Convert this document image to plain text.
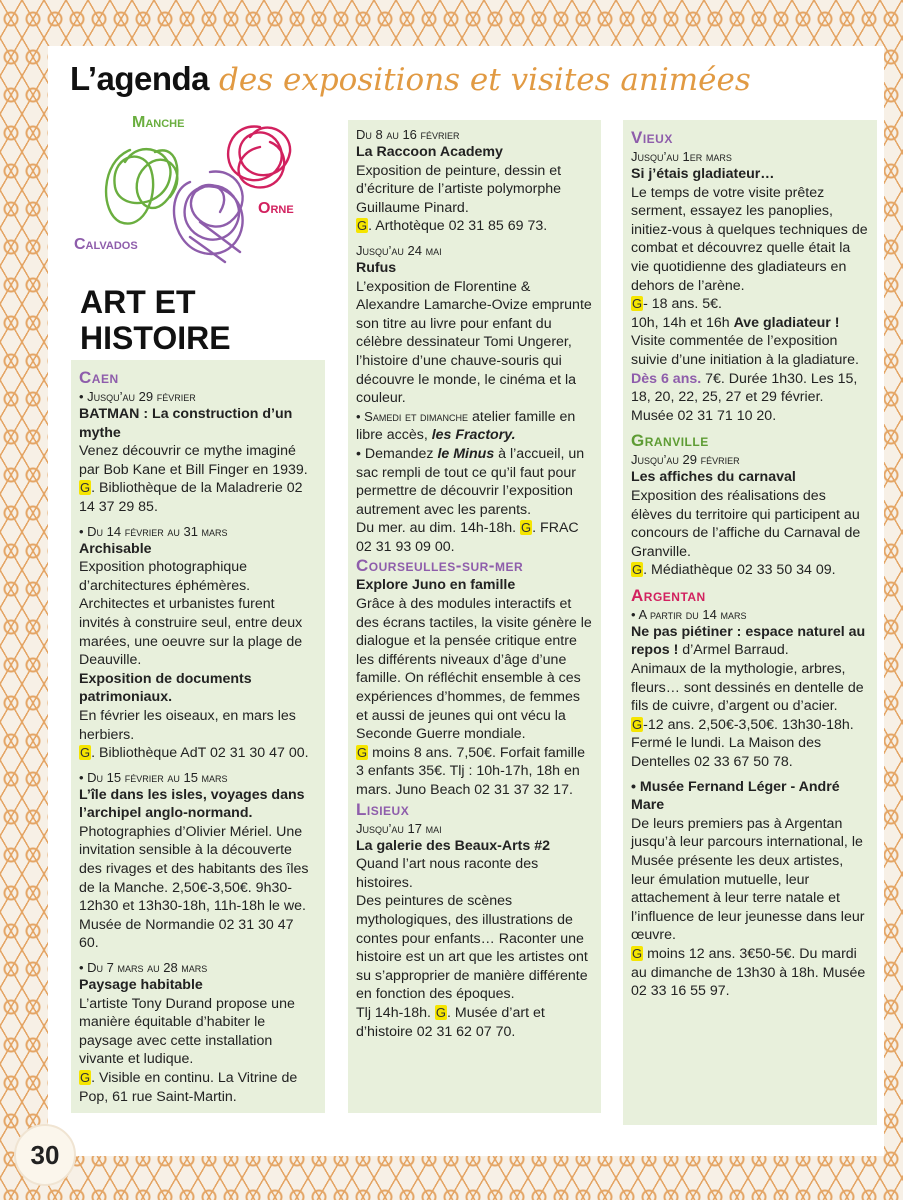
L’agenda des expositions et visites animées
Manche
Orne
Calvados
ART ET
HISTOIRE
Caen
• Jusqu’au 29 février

BATMAN : La construction d’un mythe

Venez découvrir ce mythe imaginé par Bob Kane et Bill Finger en 1939.

G. Bibliothèque de la Maladrerie 02 14 37 29 85.

• Du 14 février au 31 mars

Archisable

Exposition photographique d’architectures éphémères. Architectes et urbanistes furent invités à construire seul, entre deux marées, une oeuvre sur la plage de Deauville.

Exposition de documents patrimoniaux.

En février les oiseaux, en mars les herbiers.

G. Bibliothèque AdT 02 31 30 47 00.

• Du 15 février au 15 mars

L’île dans les isles, voyages dans l’archipel anglo-normand.

Photographies d’Olivier Mériel. Une invitation sensible à la découverte des rivages et des habitants des îles de la Manche. 2,50€-3,50€. 9h30-12h30 et 13h30-18h, 11h-18h le we. Musée de Normandie 02 31 30 47 60.

• Du 7 mars au 28 mars

Paysage habitable

L’artiste Tony Durand propose une manière équitable d’habiter le paysage avec cette installation vivante et ludique.

G. Visible en continu. La Vitrine de Pop, 61 rue Saint-Martin.

Du 8 au 16 février

La Raccoon Academy

Exposition de peinture, dessin et d’écriture de l’artiste polymorphe Guillaume Pinard.

G. Arthotèque 02 31 85 69 73.

Jusqu’au 24 mai

Rufus

L’exposition de Florentine & Alexandre Lamarche-Ovize emprunte son titre au livre pour enfant du célèbre dessinateur Tomi Ungerer, l’histoire d’une chauve-souris qui découvre le monde, le cinéma et la couleur.

• Samedi et dimanche atelier famille en libre accès, les Fractory.

• Demandez le Minus à l’accueil, un sac rempli de tout ce qu’il faut pour permettre de découvrir l’exposition autrement avec les parents.

Du mer. au dim. 14h-18h. G. FRAC 02 31 93 09 00.

Courseulles-sur-mer

Explore Juno en famille

Grâce à des modules interactifs et des écrans tactiles, la visite génère le dialogue et la pensée critique entre les différents niveaux d’âge d’une famille. On réfléchit ensemble à ces expériences d’hommes, de femmes et aussi de jeunes qui ont vécu la Seconde Guerre mondiale.

G moins 8 ans. 7,50€. Forfait famille 3 enfants 35€. Tlj : 10h-17h, 18h en mars. Juno Beach 02 31 37 32 17.

Lisieux
Jusqu’au 17 mai

La galerie des Beaux-Arts #2

Quand l’art nous raconte des histoires.

Des peintures de scènes mythologiques, des illustrations de contes pour enfants… Raconter une histoire est un art que les artistes ont su s’approprier de manière différente en fonction des époques.

Tlj 14h-18h. G. Musée d’art et d’histoire 02 31 62 07 70.

Vieux
Jusqu’au 1er mars

Si j’étais gladiateur…

Le temps de votre visite prêtez serment, essayez les panoplies, initiez-vous à quelques techniques de combat et découvrez quelle était la vie quotidienne des gladiateurs en dehors de l’arène.

G- 18 ans. 5€.

10h, 14h et 16h Ave gladiateur ! Visite commentée de l’exposition suivie d’une initiation à la gladiature.

Dès 6 ans. 7€. Durée 1h30. Les 15, 18, 20, 22, 25, 27 et 29 février. Musée 02 31 71 10 20.

Granville
Jusqu’au 29 février

Les affiches du carnaval

Exposition des réalisations des élèves du territoire qui participent au concours de l’affiche du Carnaval de Granville.

G. Médiathèque 02 33 50 34 09.

Argentan
• A partir du 14 mars

Ne pas piétiner : espace naturel au repos ! d’Armel Barraud.

Animaux de la mythologie, arbres, fleurs… sont dessinés en dentelle de fils de cuivre, d’argent ou d’acier.

G-12 ans. 2,50€-3,50€. 13h30-18h. Fermé le lundi. La Maison des Dentelles 02 33 67 50 78.

• Musée Fernand Léger - André Mare

De leurs premiers pas à Argentan jusqu’à leur parcours international, le Musée présente les deux artistes, leur émulation mutuelle, leur attachement à leur terre natale et l’influence de leur jeunesse dans leur œuvre.

G moins 12 ans. 3€50-5€. Du mardi au dimanche de 13h30 à 18h. Musée 02 33 16 55 97.

30
